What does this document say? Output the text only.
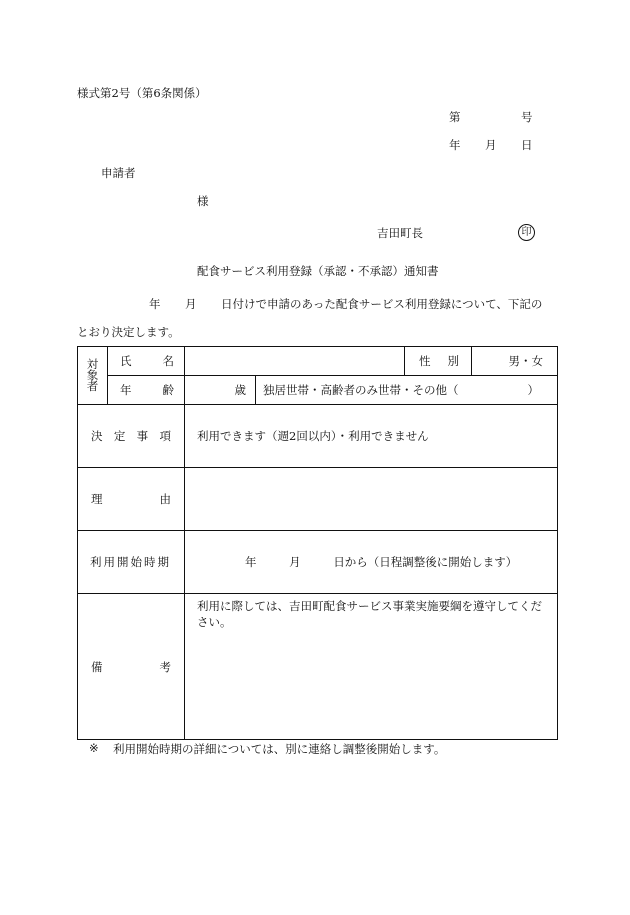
様式第2号（第6条関係）
第	号
年 月 日
申請者
様
吉田町長	印
配食サービス利用登録（承認・不承認）通知書
年 月 日付けで申請のあった配食サービス利用登録について、下記の
とおり決定します。
対象者	氏 名			性 別	男・女

	年 齢	歳	独居世帯・高齢者のみ世帯・その他（ ）		

決 定 事 項		利用できます（週2回以内）・利用できません			

理 由					

利用開始時期		年 月 日から（日程調整後に開始します）			

備 考		利用に際しては、吉田町配食サービス事業実施要綱を遵守してください。			
※ 利用開始時期の詳細については、別に連絡し調整後開始します。
